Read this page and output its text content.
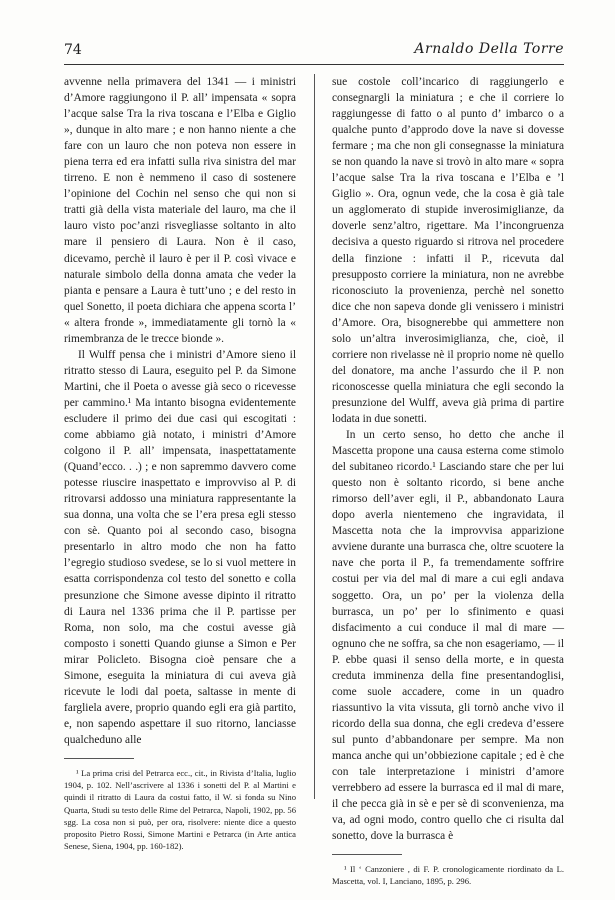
74	Arnaldo Della Torre

avvenne nella primavera del 1341 — i ministri d’Amore raggiungono il P. all’ impensata « sopra l’acque salse Tra la riva toscana e l’Elba e Giglio », dunque in alto mare ; e non hanno niente a che fare con un lauro che non poteva non essere in piena terra ed era infatti sulla riva sinistra del mar tirreno. E non è nemmeno il caso di sostenere l’opinione del Cochin nel senso che qui non si tratti già della vista materiale del lauro, ma che il lauro visto poc’anzi risvegliasse soltanto in alto mare il pensiero di Laura. Non è il caso, dicevamo, perchè il lauro è per il P. così vivace e naturale simbolo della donna amata che veder la pianta e pensare a Laura è tutt’uno ; e del resto in quel Sonetto, il poeta dichiara che appena scorta l’ « altera fronde », immediatamente gli tornò la « rimembranza de le trecce bionde ».

Il Wulff pensa che i ministri d’Amore sieno il ritratto stesso di Laura, eseguito pel P. da Simone Martini, che il Poeta o avesse già seco o ricevesse per cammino.¹ Ma intanto bisogna evidentemente escludere il primo dei due casi qui escogitati : come abbiamo già notato, i ministri d’Amore colgono il P. all’ impensata, inaspettatamente (Quand’ecco. . .) ; e non sapremmo davvero come potesse riuscire inaspettato e improvviso al P. di ritrovarsi addosso una miniatura rappresentante la sua donna, una volta che se l’era presa egli stesso con sè. Quanto poi al secondo caso, bisogna presentarlo in altro modo che non ha fatto l’egregio studioso svedese, se lo si vuol mettere in esatta corrispondenza col testo del sonetto e colla presunzione che Simone avesse dipinto il ritratto di Laura nel 1336 prima che il P. partisse per Roma, non solo, ma che costui avesse già composto i sonetti Quando giunse a Simon e Per mirar Policleto. Bisogna cioè pensare che a Simone, eseguita la miniatura di cui aveva già ricevute le lodi dal poeta, saltasse in mente di fargliela avere, proprio quando egli era già partito, e, non sapendo aspettare il suo ritorno, lanciasse qualcheduno alle

¹ La prima crisi del Petrarca ecc., cit., in Rivista d’Italia, luglio 1904, p. 102. Nell’ascrivere al 1336 i sonetti del P. al Martini e quindi il ritratto di Laura da costui fatto, il W. si fonda su Nino Quarta, Studi su testo delle Rime del Petrarca, Napoli, 1902, pp. 56 sgg. La cosa non si può, per ora, risolvere: niente dice a questo proposito Pietro Rossi, Simone Martini e Petrarca (in Arte antica Senese, Siena, 1904, pp. 160-182).

sue costole coll’incarico di raggiungerlo e consegnargli la miniatura ; e che il corriere lo raggiungesse di fatto o al punto d’ imbarco o a qualche punto d’approdo dove la nave si dovesse fermare ; ma che non gli consegnasse la miniatura se non quando la nave si trovò in alto mare « sopra l’acque salse Tra la riva toscana e l’Elba e ’l Giglio ». Ora, ognun vede, che la cosa è già tale un agglomerato di stupide inverosimiglianze, da doverle senz’altro, rigettare. Ma l’incongruenza decisiva a questo riguardo si ritrova nel procedere della finzione : infatti il P., ricevuta dal presupposto corriere la miniatura, non ne avrebbe riconosciuto la provenienza, perchè nel sonetto dice che non sapeva donde gli venissero i ministri d’Amore. Ora, bisognerebbe qui ammettere non solo un’altra inverosimiglianza, che, cioè, il corriere non rivelasse nè il proprio nome nè quello del donatore, ma anche l’assurdo che il P. non riconoscesse quella miniatura che egli secondo la presunzione del Wulff, aveva già prima di partire lodata in due sonetti.

In un certo senso, ho detto che anche il Mascetta propone una causa esterna come stimolo del subitaneo ricordo.¹ Lasciando stare che per lui questo non è soltanto ricordo, si bene anche rimorso dell’aver egli, il P., abbandonato Laura dopo averla nientemeno che ingravidata, il Mascetta nota che la improvvisa apparizione avviene durante una burrasca che, oltre scuotere la nave che porta il P., fa tremendamente soffrire costui per via del mal di mare a cui egli andava soggetto. Ora, un po’ per la violenza della burrasca, un po’ per lo sfinimento e quasi disfacimento a cui conduce il mal di mare — ognuno che ne soffra, sa che non esageriamo, — il P. ebbe quasi il senso della morte, e in questa creduta imminenza della fine presentandoglisi, come suole accadere, come in un quadro riassuntivo la vita vissuta, gli tornò anche vivo il ricordo della sua donna, che egli credeva d’essere sul punto d’abbandonare per sempre. Ma non manca anche qui un’obbiezione capitale ; ed è che con tale interpretazione i ministri d’amore verrebbero ad essere la burrasca ed il mal di mare, il che pecca già in sè e per sè di sconvenienza, ma va, ad ogni modo, contro quello che ci risulta dal sonetto, dove la burrasca è

¹ Il ‘ Canzoniere , di F. P. cronologicamente riordinato da L. Mascetta, vol. I, Lanciano, 1895, p. 296.
